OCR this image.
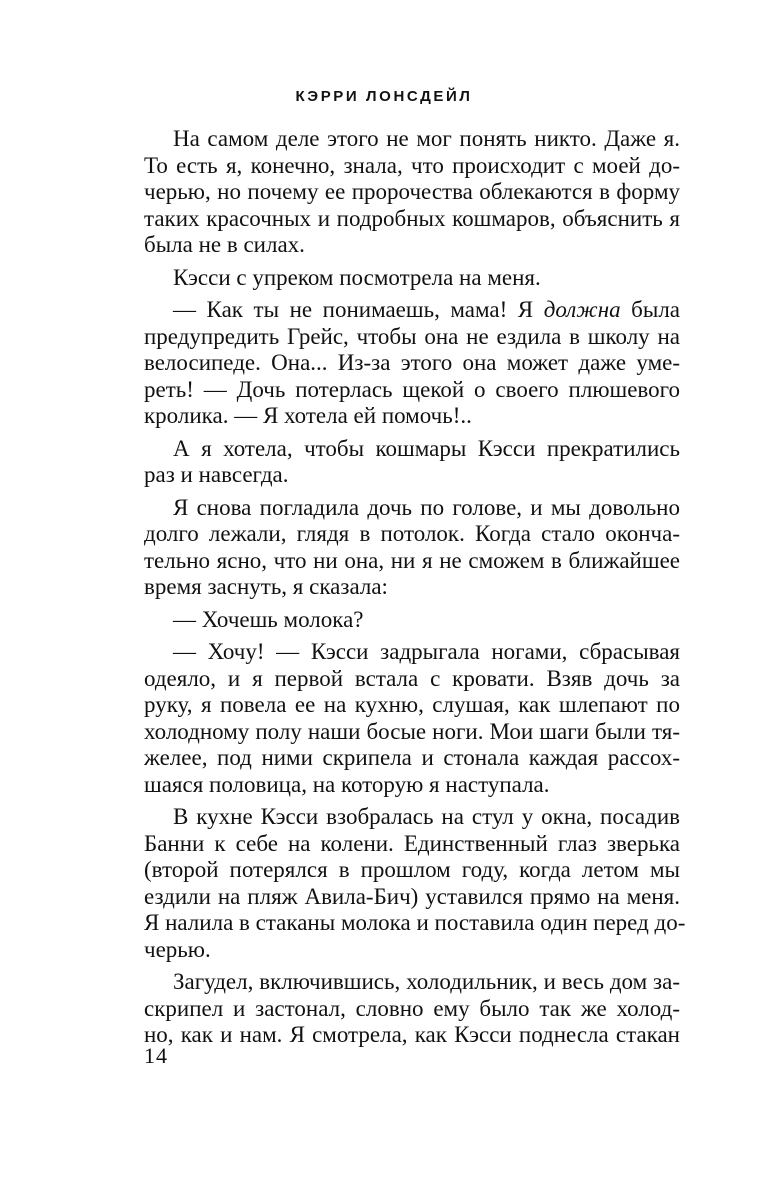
КЭРРИ ЛОНСДЕЙЛ
На самом деле этого не мог понять никто. Даже я.
То есть я, конечно, знала, что происходит с моей до-
черью, но почему ее пророчества облекаются в форму
таких красочных и подробных кошмаров, объяснить я
была не в силах.
Кэсси с упреком посмотрела на меня.
— Как ты не понимаешь, мама! Я должна была
предупредить Грейс, чтобы она не ездила в школу на
велосипеде. Она... Из-за этого она может даже уме-
реть! — Дочь потерлась щекой о своего плюшевого
кролика. — Я хотела ей помочь!..
А я хотела, чтобы кошмары Кэсси прекратились
раз и навсегда.
Я снова погладила дочь по голове, и мы довольно
долго лежали, глядя в потолок. Когда стало оконча-
тельно ясно, что ни она, ни я не сможем в ближайшее
время заснуть, я сказала:
— Хочешь молока?
— Хочу! — Кэсси задрыгала ногами, сбрасывая
одеяло, и я первой встала с кровати. Взяв дочь за
руку, я повела ее на кухню, слушая, как шлепают по
холодному полу наши босые ноги. Мои шаги были тя-
желее, под ними скрипела и стонала каждая рассох-
шаяся половица, на которую я наступала.
В кухне Кэсси взобралась на стул у окна, посадив
Банни к себе на колени. Единственный глаз зверька
(второй потерялся в прошлом году, когда летом мы
ездили на пляж Авила-Бич) уставился прямо на меня.
Я налила в стаканы молока и поставила один перед до-
черью.
Загудел, включившись, холодильник, и весь дом за-
скрипел и застонал, словно ему было так же холод-
но, как и нам. Я смотрела, как Кэсси поднесла стакан
14
